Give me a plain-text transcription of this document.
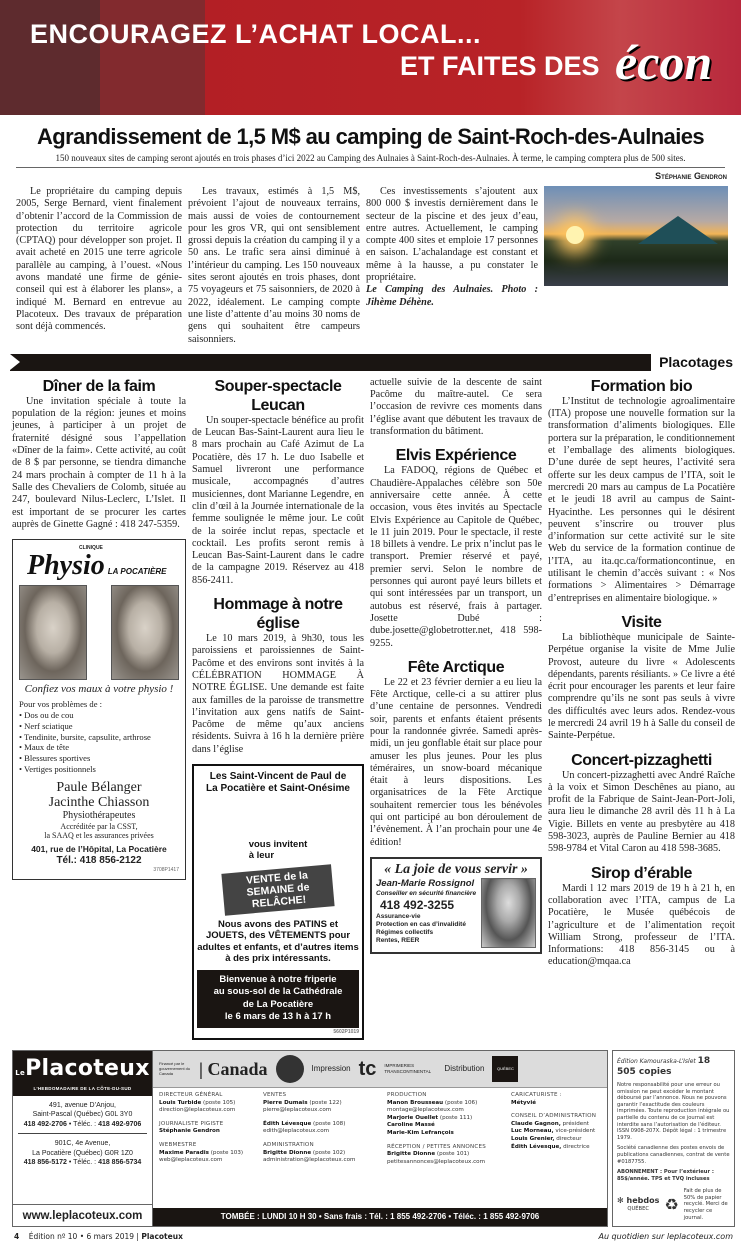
ENCOURAGEZ L’ACHAT LOCAL...
ET FAITES DES écon
Agrandissement de 1,5 M$ au camping de Saint-Roch-des-Aulnaies
150 nouveaux sites de camping seront ajoutés en trois phases d’ici 2022 au Camping des Aulnaies à Saint-Roch-des-Aulnaies. À terme, le camping comptera plus de 500 sites.
Stéphanie Gendron

Le propriétaire du camping depuis 2005, Serge Bernard, vient finalement d’obtenir l’accord de la Commission de protection du territoire agricole (CPTAQ) pour développer son projet. Il avait acheté en 2015 une terre agricole parallèle au camping, à l’ouest. «Nous avons mandaté une firme de génie-conseil qui est à élaborer les plans», a indiqué M. Bernard en entrevue au Placoteux. Des travaux de préparation sont déjà commencés.

Les travaux, estimés à 1,5 M$, prévoient l’ajout de nouveaux terrains, mais aussi de voies de contournement pour les gros VR, qui ont sensiblement grossi depuis la création du camping il y a 50 ans. Le trafic sera ainsi diminué à l’intérieur du camping. Les 150 nouveaux sites seront ajoutés en trois phases, dont 75 voyageurs et 75 saisonniers, de 2020 à 2022, idéalement. Le camping compte une liste d’attente d’au moins 30 noms de gens qui souhaitent être campeurs saisonniers.

Ces investissements s’ajoutent aux 800 000 $ investis dernièrement dans le secteur de la piscine et des jeux d’eau, entre autres. Actuellement, le camping compte 400 sites et emploie 17 personnes en saison. L’achalandage est constant et même à la hausse, a pu constater le propriétaire.

Le Camping des Aulnaies. Photo : Jihème Déhène.
Placotages
Dîner de la faim

Une invitation spéciale à toute la population de la région: jeunes et moins jeunes, à participer à un projet de fraternité désigné sous l’appellation «Dîner de la faim». Cette activité, au coût de 8 $ par personne, se tiendra dimanche 24 mars prochain à compter de 11 h à la Salle des Chevaliers de Colomb, située au 247, boulevard Nilus-Leclerc, L’Islet. Il est important de se procurer les cartes auprès de Ginette Gagné : 418 247-5359.

CLINIQUE
Physio LA POCATIÈRE
Confiez vos maux à votre physio !
Pour vos problèmes de :
• Dos ou de cou
• Nerf sciatique
• Tendinite, bursite, capsulite, arthrose
• Maux de tête
• Blessures sportives
• Vertiges positionnels
Paule Bélanger
Jacinthe Chiasson
Physiothérapeutes
Accréditée par la CSST,
la SAAQ et les assurances privées
401, rue de l’Hôpital, La Pocatière
Tél.: 418 856-2122
3708P1417
Souper-spectacle Leucan

Un souper-spectacle bénéfice au profit de Leucan Bas-Saint-Laurent aura lieu le 8 mars prochain au Café Azimut de La Pocatière, dès 17 h. Le duo Isabelle et Samuel livreront une performance musicale, accompagnés d’autres musiciennes, dont Marianne Legendre, en clin d’œil à la Journée internationale de la femme soulignée le même jour. Le coût de la soirée inclut repas, spectacle et cocktail. Les profits seront remis à Leucan Bas-Saint-Laurent dans le cadre de la campagne 2019. Réservez au 418 856-2411.

Hommage à notre église

Le 10 mars 2019, à 9h30, tous les paroissiens et paroissiennes de Saint-Pacôme et des environs sont invités à la CÉLÉBRATION HOMMAGE À NOTRE ÉGLISE. Une demande est faite aux familles de la paroisse de transmettre l’invitation aux gens natifs de Saint-Pacôme de même qu’aux anciens résidents. Suivra à 16 h la dernière prière dans l’église

Les Saint-Vincent de Paul de
La Pocatière et Saint-Onésime
vous invitent
à leur
VENTE de la SEMAINE de RELÂCHE!
Nous avons des PATINS et JOUETS, des VÊTEMENTS pour adultes et enfants, et d’autres items à des prix intéressants.
Bienvenue à notre friperie
au sous-sol de la Cathédrale
de La Pocatière
le 6 mars de 13 h à 17 h
5602P1019
actuelle suivie de la descente de saint Pacôme du maître-autel. Ce sera l’occasion de revivre ces moments dans l’église avant que débutent les travaux de transformation du bâtiment.
Elvis Expérience

La FADOQ, régions de Québec et Chaudière-Appalaches célèbre son 50e anniversaire cette année. À cette occasion, vous êtes invités au Spectacle Elvis Expérience au Capitole de Québec, le 11 juin 2019. Pour le spectacle, il reste 18 billets à vendre. Le prix n’inclut pas le transport. Premier réservé et payé, premier servi. Selon le nombre de personnes qui auront payé leurs billets et qui sont intéressées par un transport, un autobus est réservé, frais à partager. Josette Dubé : dube.josette@globetrotter.net, 418 598-9255.

Fête Arctique

Le 22 et 23 février dernier a eu lieu la Fête Arctique, celle-ci a su attirer plus d’une centaine de personnes. Vendredi soir, parents et enfants étaient présents pour la randonnée givrée. Samedi après-midi, un jeu gonflable était sur place pour amuser les plus jeunes. Pour les plus téméraires, un snow-board mécanique était à leurs dispositions. Les organisatrices de la Fête Arctique souhaitent remercier tous les bénévoles qui ont participé au bon déroulement de l’évènement. À l’an prochain pour une 4e édition!

« La joie de vous servir »
Jean-Marie Rossignol
Conseiller en sécurité financière
418 492-3255
Assurance-vie
Protection en cas d’invalidité
Régimes collectifs
Rentes, REER
Formation bio

L’Institut de technologie agroalimentaire (ITA) propose une nouvelle formation sur la transformation d’aliments biologiques. Elle portera sur la préparation, le conditionnement et l’emballage des aliments biologiques. D’une durée de sept heures, l’activité sera offerte sur les deux campus de l’ITA, soit le mercredi 20 mars au campus de La Pocatière et le jeudi 18 avril au campus de Saint-Hyacinthe. Les personnes qui le désirent peuvent s’inscrire ou trouver plus d’information sur cette activité sur le site Web du service de la formation continue de l’ITA, au ita.qc.ca/formationcontinue, en utilisant le chemin d’accès suivant : « Nos formations > Alimentaires > Démarrage d’entreprises en alimentaire biologique. »

Visite

La bibliothèque municipale de Sainte-Perpétue organise la visite de Mme Julie Provost, auteure du livre « Adolescents dépendants, parents résiliants. » Ce livre a été écrit pour encourager les parents et leur faire comprendre qu’ils ne sont pas seuls à vivre des difficultés avec leurs ados. Rendez-vous le mercredi 24 avril 19 h à Salle du conseil de Sainte-Perpétue.

Concert-pizzaghetti

Un concert-pizzaghetti avec André Raîche à la voix et Simon Deschênes au piano, au profit de la Fabrique de Saint-Jean-Port-Joli, aura lieu le dimanche 28 avril dès 11 h à La Vigie. Billets en vente au presbytère au 418 598-3023, auprès de Pauline Bernier au 418 598-9784 et Vital Caron au 418 598-3685.

Sirop d’érable

Mardi l 12 mars 2019 de 19 h à 21 h, en collaboration avec l’ITA, campus de La Pocatière, le Musée québécois de l’agriculture et de l’alimentation reçoit William Strong, professeur de l’ITA. Informations: 418 856-3145 ou à education@mqaa.ca

LePlacoteux
L’HEBDOMADAIRE DE LA CÔTE-DU-SUD
491, avenue D’Anjou,
Saint-Pascal (Québec) G0L 3Y0
418 492-2706 • Téléc. : 418 492-9706
901C, 4e Avenue,
La Pocatière (Québec) G0R 1Z0
418 856-5172 • Téléc. : 418 856-5734
www.leplacoteux.com
Financé par le gouvernement du Canada	| Canada	Impression tc IMPRIMERIES TRANSCONTINENTAL	Distribution	QUÉBEC
DIRECTEUR GÉNÉRAL
Louis Turbide (poste 105)
direction@leplacoteux.com
JOURNALISTE PIGISTE
Stéphanie Gendron
WEBMESTRE
Maxime Paradis (poste 103)
web@leplacoteux.com
VENTES
Pierre Dumais (poste 122)
pierre@leplacoteux.com
Édith Lévesque (poste 108)
edith@leplacoteux.com
ADMINISTRATION
Brigitte Dionne (poste 102)
administration@leplacoteux.com
PRODUCTION
Manon Brousseau (poste 106)
montage@leplacoteux.com
Marjorie Ouellet (poste 111)
Caroline Massé
Marie-Kim Lefrançois
RÉCEPTION / PETITES ANNONCES
Brigitte Dionne (poste 101)
petitesannonces@leplacoteux.com
CARICATURISTE :
Métyvié
CONSEIL D’ADMINISTRATION
Claude Gagnon, président
Luc Morneau, vice-président
Louis Grenier, directeur
Édith Lévesque, directrice
TOMBÉE : LUNDI 10 H 30 • Sans frais : Tél. : 1 855 492-2706 • Téléc. : 1 855 492-9706
Édition Kamouraska-L’Islet 18 505 copies
Notre responsabilité pour une erreur ou omission ne peut excéder le montant déboursé par l’annonce. Nous ne pouvons garantir l’exactitude des couleurs imprimées. Toute reproduction intégrale ou partielle du contenu de ce journal est interdite sans l’autorisation de l’éditeur. ISSN 0908-207X. Dépôt légal : 1 trimestre 1979.
Société canadienne des postes envois de publications canadiennes, contrat de vente #0187755.
ABONNEMENT : Pour l’extérieur : 85$/année. TPS et TVQ incluses
✻ hebdos
QUÉBEC ♻
Fait de plus de 50% de papier recyclé. Merci de recycler ce journal.
4 Édition nº 10 • 6 mars 2019 | Placoteux	Au quotidien sur leplacoteux.com
